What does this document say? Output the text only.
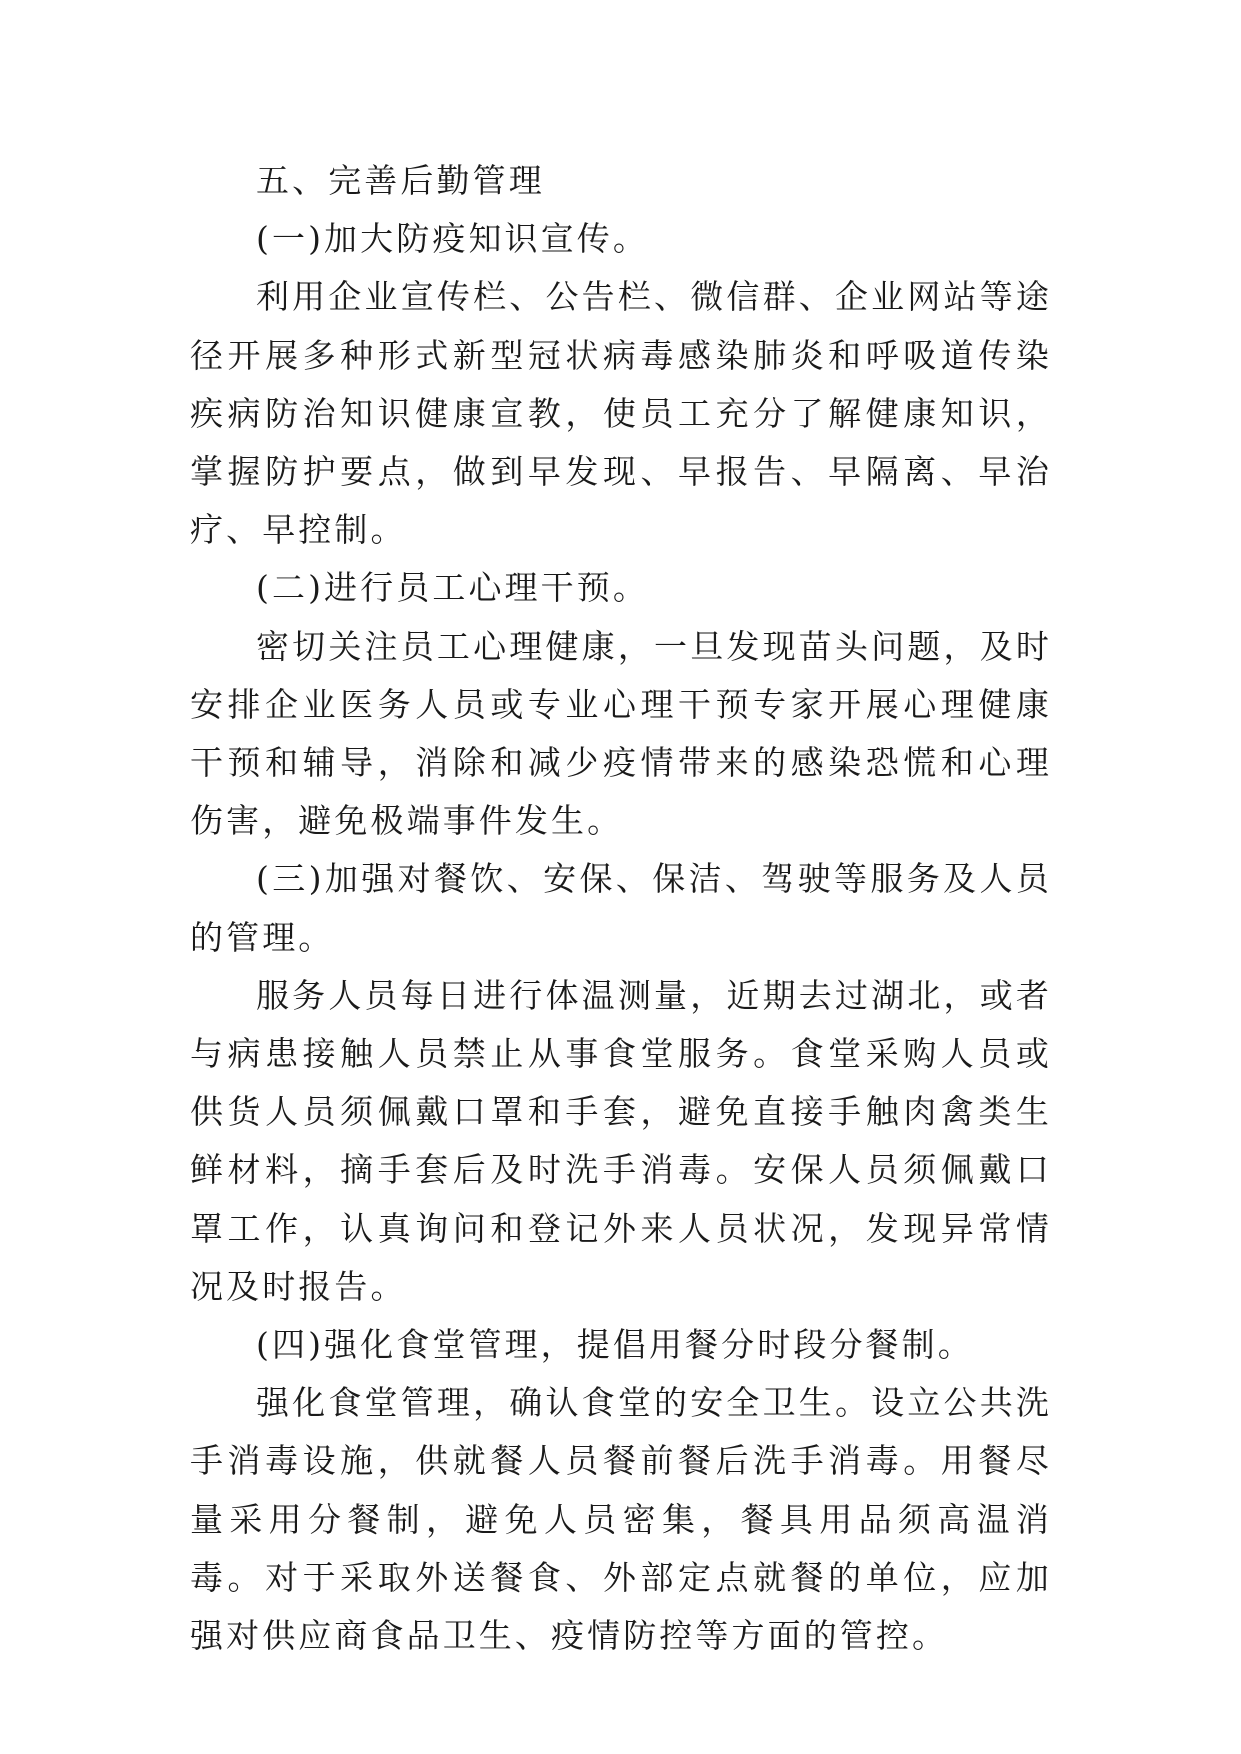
五、完善后勤管理

(一)加大防疫知识宣传。

利用企业宣传栏、公告栏、微信群、企业网站等途径开展多种形式新型冠状病毒感染肺炎和呼吸道传染疾病防治知识健康宣教，使员工充分了解健康知识，掌握防护要点，做到早发现、早报告、早隔离、早治疗、早控制。

(二)进行员工心理干预。

密切关注员工心理健康，一旦发现苗头问题，及时安排企业医务人员或专业心理干预专家开展心理健康干预和辅导，消除和减少疫情带来的感染恐慌和心理伤害，避免极端事件发生。

(三)加强对餐饮、安保、保洁、驾驶等服务及人员的管理。

服务人员每日进行体温测量，近期去过湖北，或者与病患接触人员禁止从事食堂服务。食堂采购人员或供货人员须佩戴口罩和手套，避免直接手触肉禽类生鲜材料，摘手套后及时洗手消毒。安保人员须佩戴口罩工作，认真询问和登记外来人员状况，发现异常情况及时报告。

(四)强化食堂管理，提倡用餐分时段分餐制。

强化食堂管理，确认食堂的安全卫生。设立公共洗手消毒设施，供就餐人员餐前餐后洗手消毒。用餐尽量采用分餐制，避免人员密集，餐具用品须高温消毒。对于采取外送餐食、外部定点就餐的单位，应加强对供应商食品卫生、疫情防控等方面的管控。
